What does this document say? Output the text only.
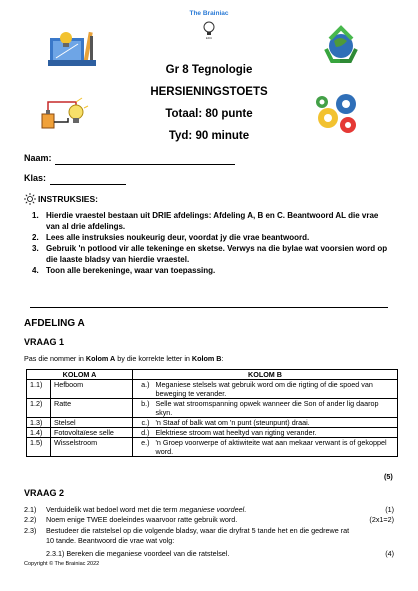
The Brainiac
EDU
Gr 8 Tegnologie
HERSIENINGSTOETS
Totaal: 80 punte
Tyd: 90 minute
Naam:
Klas:
INSTRUKSIES:
1. Hierdie vraestel bestaan uit DRIE afdelings: Afdeling A, B en C. Beantwoord AL die vrae van al drie afdelings.
2. Lees alle instruksies noukeurig deur, voordat jy die vrae beantwoord.
3. Gebruik 'n potlood vir alle tekeninge en sketse. Verwys na die bylae wat voorsien word op die laaste bladsy van hierdie vraestel.
4. Toon alle berekeninge, waar van toepassing.
AFDELING A
VRAAG 1
Pas die nommer in Kolom A by die korrekte letter in Kolom B:
KOLOM A		KOLOM B	
1.1)	Hefboom	a.)	Meganiese stelsels wat gebruik word om die rigting of die spoed van beweging te verander.
1.2)	Ratte	b.)	Selle wat stroomspanning opwek wanneer die Son of ander lig daarop skyn.
1.3)	Stelsel	c.)	'n Staaf of balk wat om 'n punt (steunpunt) draai.
1.4)	Fotovoltaïese selle	d.)	Elektriese stroom wat heeltyd van rigting verander.
1.5)	Wisselstroom	e.)	'n Groep voorwerpe of aktiwiteite wat aan mekaar verwant is of gekoppel word.
(5)
VRAAG 2
2.1)	Verduidelik wat bedoel word met die term meganiese voordeel.	(1)
2.2)	Noem enige TWEE doeleindes waarvoor ratte gebruik word.	(2x1=2)
2.3)	Bestudeer die ratstelsel op die volgende bladsy, waar die dryfrat 5 tande het en die gedrewe rat 10 tande. Beantwoord die vrae wat volg:
2.3.1) Bereken die meganiese voordeel van die ratstelsel.	(4)
Copyright © The Brainiac 2022
